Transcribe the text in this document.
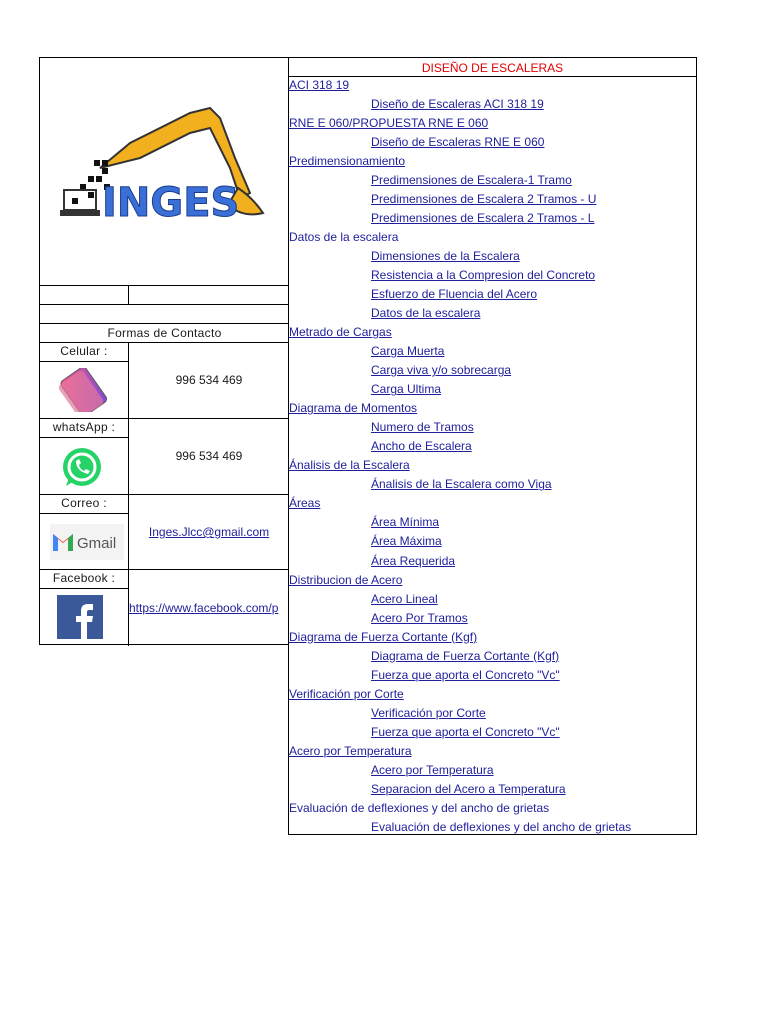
INGES
Formas de Contacto
Celular :
996 534 469
whatsApp :
996 534 469
Correo :
Gmail
Inges.Jlcc@gmail.com
Facebook :
https://www.facebook.com/p
DISEÑO DE ESCALERAS
ACI 318 19
Diseño de Escaleras ACI 318 19
RNE E 060/PROPUESTA RNE E 060
Diseño de Escaleras RNE E 060
Predimensionamiento
Predimensiones de Escalera-1 Tramo
Predimensiones de Escalera 2 Tramos - U
Predimensiones de Escalera 2 Tramos - L
Datos de la escalera
Dimensiones de la Escalera
Resistencia a la Compresion del Concreto
Esfuerzo de Fluencia del Acero
Datos de la escalera
Metrado de Cargas
Carga Muerta
Carga viva y/o sobrecarga
Carga Ultima
Diagrama de Momentos
Numero de Tramos
Ancho de Escalera
Ánalisis de la Escalera
Ánalisis de la Escalera como Viga
Áreas
Área Mínima
Área Máxima
Área Requerida
Distribucion de Acero
Acero Lineal
Acero Por Tramos
Diagrama de Fuerza Cortante (Kgf)
Diagrama de Fuerza Cortante (Kgf)
Fuerza que aporta el Concreto "Vc"
Verificación por Corte
Verificación por Corte
Fuerza que aporta el Concreto "Vc"
Acero por Temperatura
Acero por Temperatura
Separacion del Acero a Temperatura
Evaluación de deflexiones y del ancho de grietas
Evaluación de deflexiones y del ancho de grietas
